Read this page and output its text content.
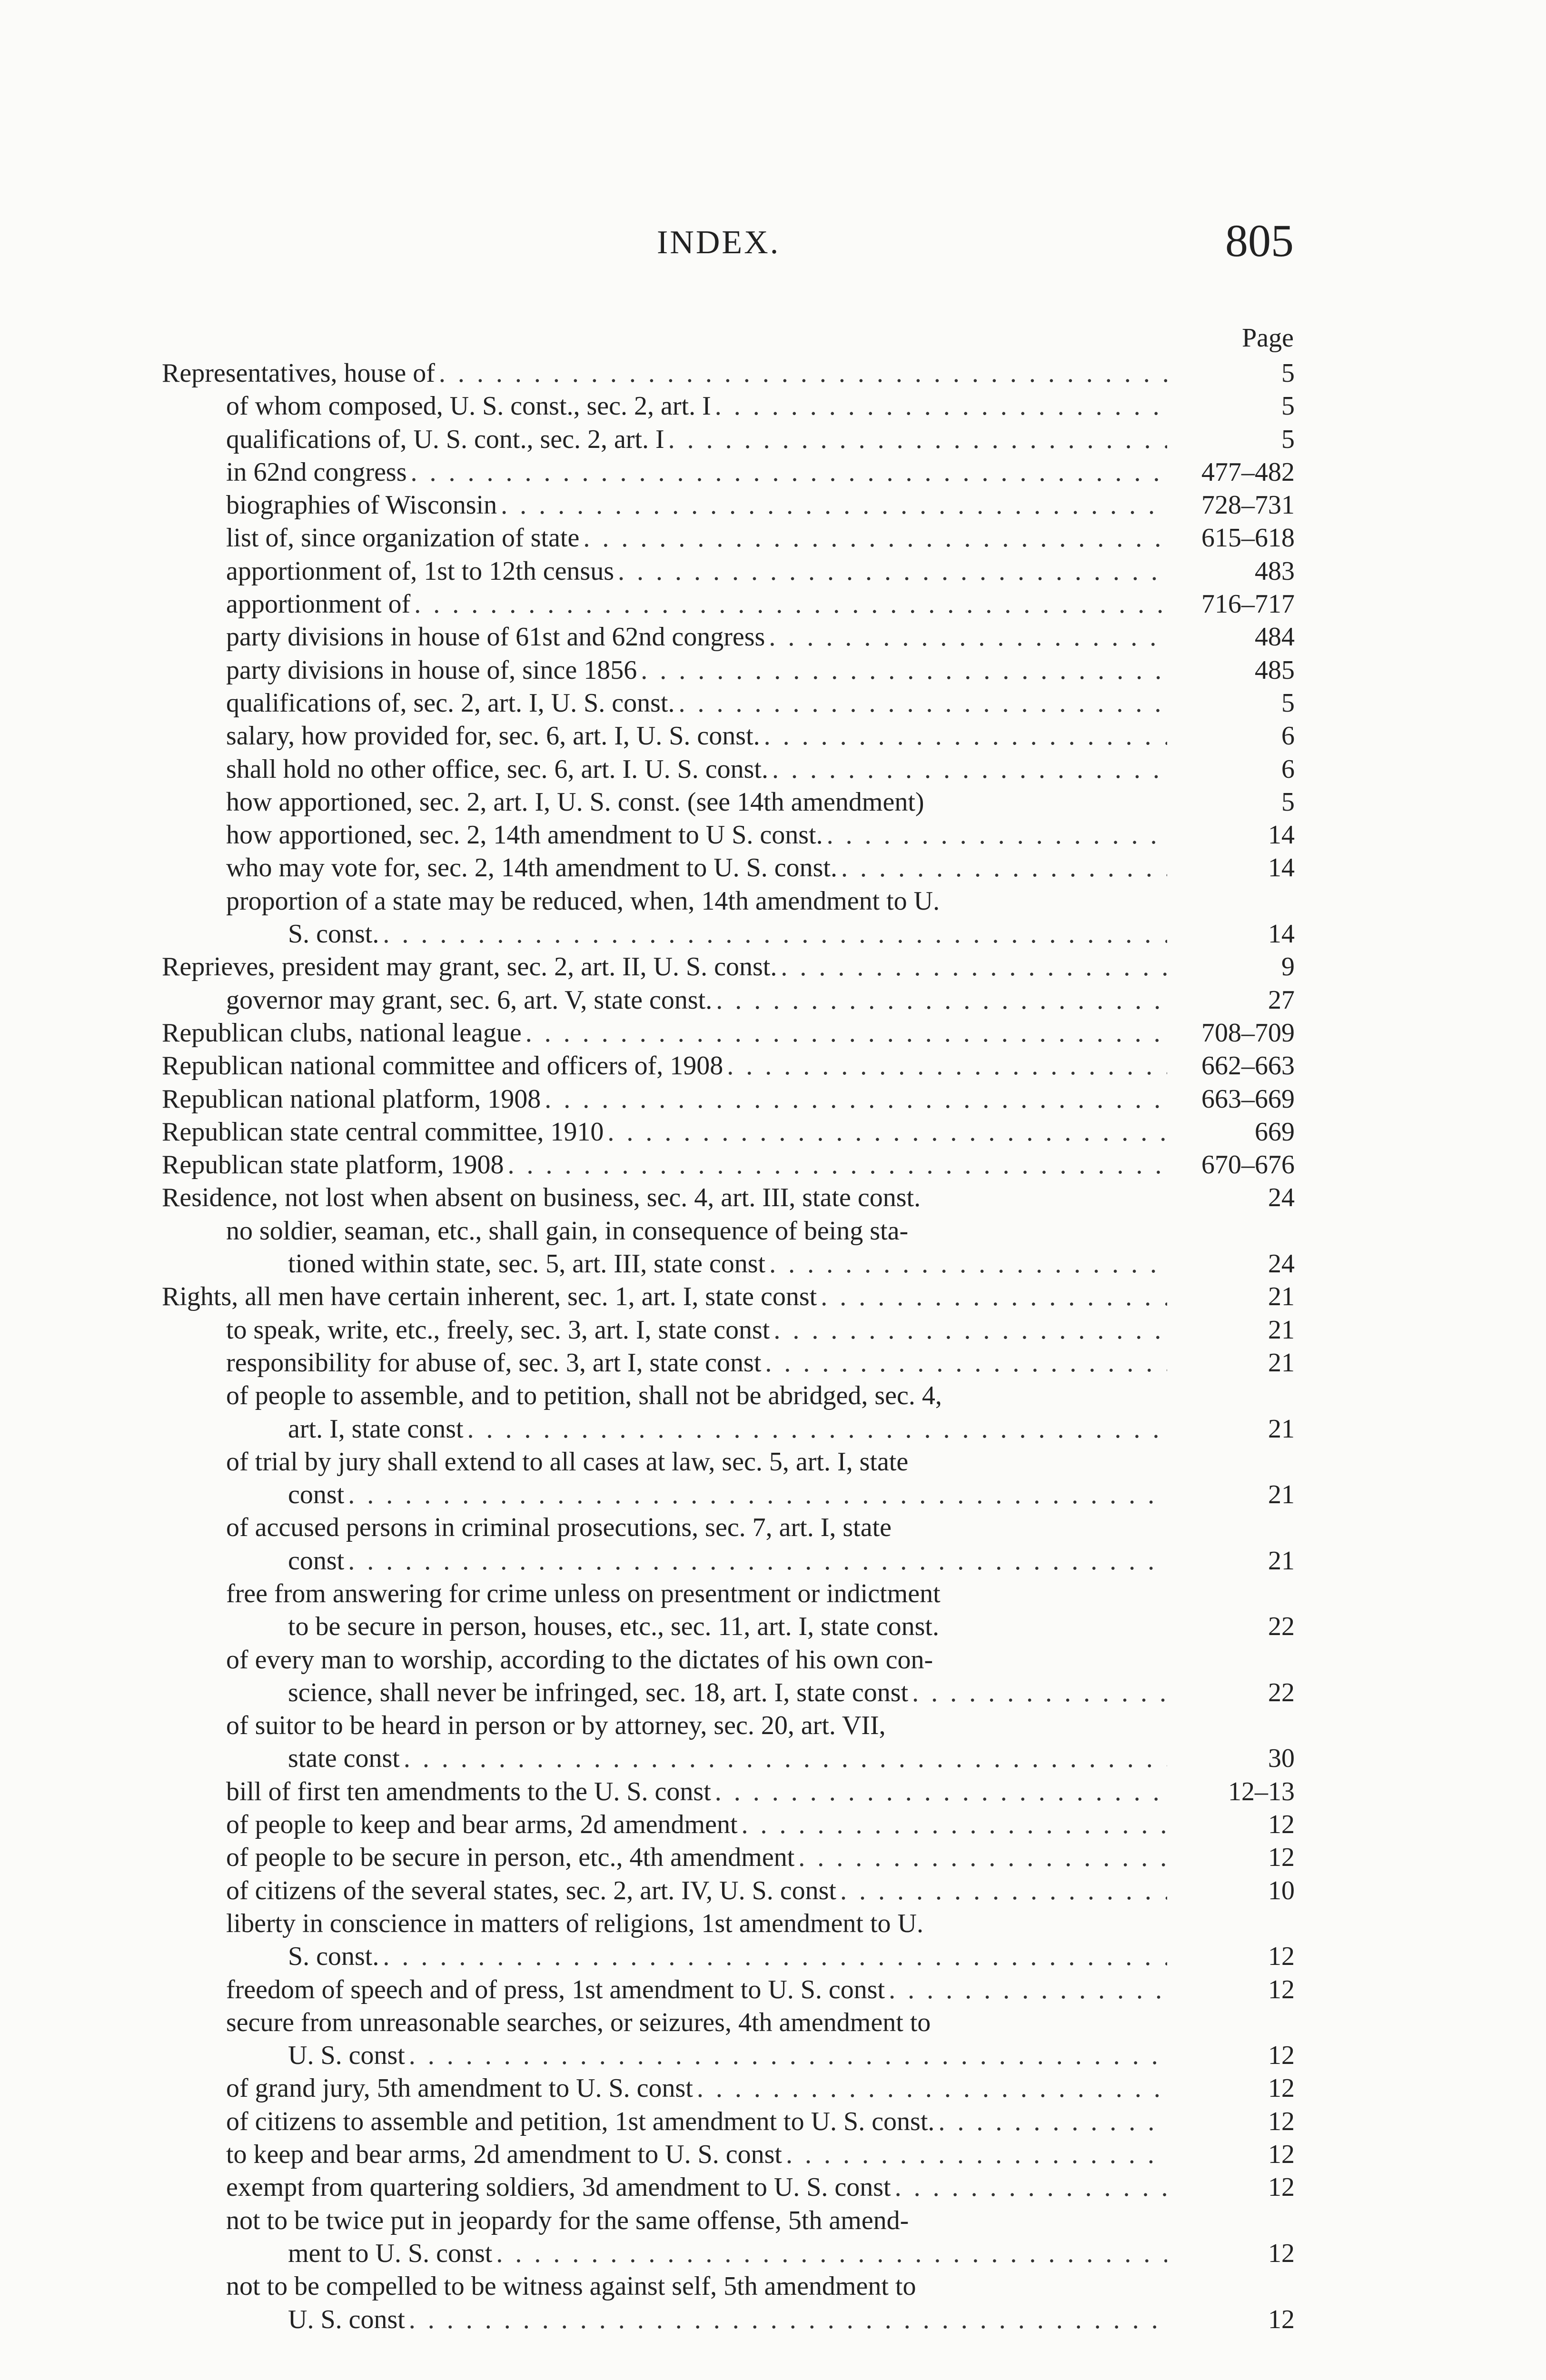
INDEX.	805
Page
Representatives, house of . . .	5
of whom composed, U. S. const., sec. 2, art. I . . .	5
qualifications of, U. S. cont., sec. 2, art. I . . .	5
in 62nd congress . . .	477–482
biographies of Wisconsin . . .	728–731
list of, since organization of state . . .	615–618
apportionment of, 1st to 12th census . . .	483
apportionment of . . .	716–717
party divisions in house of 61st and 62nd congress . . .	484
party divisions in house of, since 1856 . . .	485
qualifications of, sec. 2, art. I, U. S. const. . . .	5
salary, how provided for, sec. 6, art. I, U. S. const. . . .	6
shall hold no other office, sec. 6, art. I. U. S. const. . . .	6
how apportioned, sec. 2, art. I, U. S. const. (see 14th amendment)	5
how apportioned, sec. 2, 14th amendment to U S. const. . . .	14
who may vote for, sec. 2, 14th amendment to U. S. const. . . .	14
proportion of a state may be reduced, when, 14th amendment to U.
S. const. . . .	14
Reprieves, president may grant, sec. 2, art. II, U. S. const. . . .	9
governor may grant, sec. 6, art. V, state const. . . .	27
Republican clubs, national league . . .	708–709
Republican national committee and officers of, 1908 . . .	662–663
Republican national platform, 1908 . . .	663–669
Republican state central committee, 1910 . . .	669
Republican state platform, 1908 . . .	670–676
Residence, not lost when absent on business, sec. 4, art. III, state const.	24
no soldier, seaman, etc., shall gain, in consequence of being sta-
tioned within state, sec. 5, art. III, state const . . .	24
Rights, all men have certain inherent, sec. 1, art. I, state const . . .	21
to speak, write, etc., freely, sec. 3, art. I, state const . . .	21
responsibility for abuse of, sec. 3, art I, state const . . .	21
of people to assemble, and to petition, shall not be abridged, sec. 4,
art. I, state const . . .	21
of trial by jury shall extend to all cases at law, sec. 5, art. I, state
const . . .	21
of accused persons in criminal prosecutions, sec. 7, art. I, state
const . . .	21
free from answering for crime unless on presentment or indictment
to be secure in person, houses, etc., sec. 11, art. I, state const.	22
of every man to worship, according to the dictates of his own con-
science, shall never be infringed, sec. 18, art. I, state const . . .	22
of suitor to be heard in person or by attorney, sec. 20, art. VII,
state const . . .	30
bill of first ten amendments to the U. S. const . . .	12–13
of people to keep and bear arms, 2d amendment . . .	12
of people to be secure in person, etc., 4th amendment . . .	12
of citizens of the several states, sec. 2, art. IV, U. S. const . . .	10
liberty in conscience in matters of religions, 1st amendment to U.
S. const. . . .	12
freedom of speech and of press, 1st amendment to U. S. const . . .	12
secure from unreasonable searches, or seizures, 4th amendment to
U. S. const . . .	12
of grand jury, 5th amendment to U. S. const . . .	12
of citizens to assemble and petition, 1st amendment to U. S. const. . . .	12
to keep and bear arms, 2d amendment to U. S. const . . .	12
exempt from quartering soldiers, 3d amendment to U. S. const . . .	12
not to be twice put in jeopardy for the same offense, 5th amend-
ment to U. S. const . . .	12
not to be compelled to be witness against self, 5th amendment to
U. S. const . . .	12
